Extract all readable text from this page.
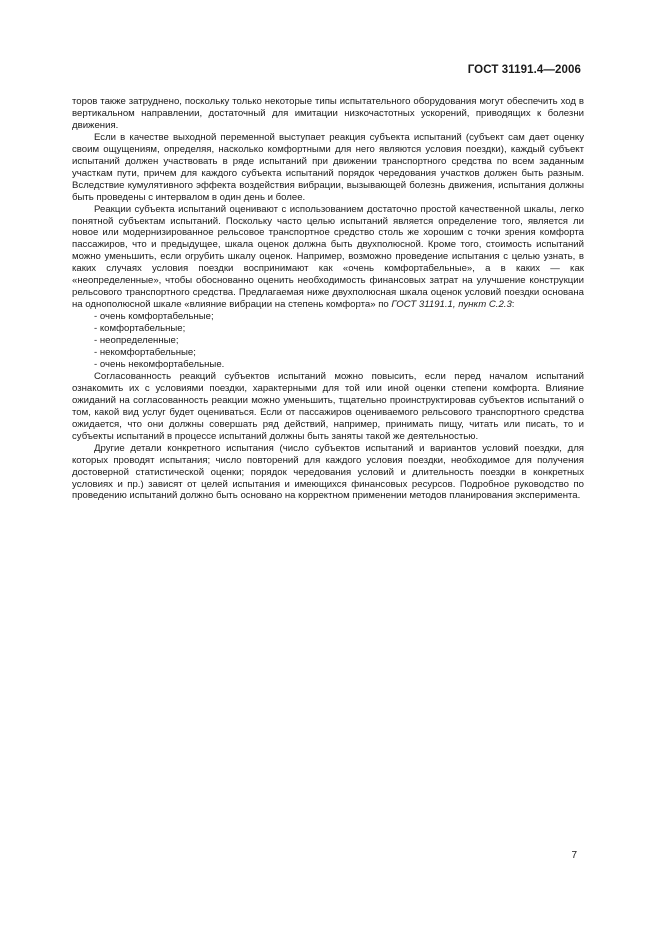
ГОСТ 31191.4—2006

торов также затруднено, поскольку только некоторые типы испытательного оборудования могут обеспечить ход в вертикальном направлении, достаточный для имитации низкочастотных ускорений, приводящих к болезни движения.

Если в качестве выходной переменной выступает реакция субъекта испытаний (субъект сам дает оценку своим ощущениям, определяя, насколько комфортными для него являются условия поездки), каждый субъект испытаний должен участвовать в ряде испытаний при движении транспортного средства по всем заданным участкам пути, причем для каждого субъекта испытаний порядок чередования участков должен быть разным. Вследствие кумулятивного эффекта воздействия вибрации, вызывающей болезнь движения, испытания должны быть проведены с интервалом в один день и более.

Реакции субъекта испытаний оценивают с использованием достаточно простой качественной шкалы, легко понятной субъектам испытаний. Поскольку часто целью испытаний является определение того, является ли новое или модернизированное рельсовое транспортное средство столь же хорошим с точки зрения комфорта пассажиров, что и предыдущее, шкала оценок должна быть двухполюсной. Кроме того, стоимость испытаний можно уменьшить, если огрубить шкалу оценок. Например, возможно проведение испытания с целью узнать, в каких случаях условия поездки воспринимают как «очень комфортабельные», а в каких — как «неопределенные», чтобы обоснованно оценить необходимость финансовых затрат на улучшение конструкции рельсового транспортного средства. Предлагаемая ниже двухполюсная шкала оценок условий поездки основана на однополюсной шкале «влияние вибрации на степень комфорта» по ГОСТ 31191.1, пункт С.2.3:

- очень комфортабельные;
- комфортабельные;
- неопределенные;
- некомфортабельные;
- очень некомфортабельные.

Согласованность реакций субъектов испытаний можно повысить, если перед началом испытаний ознакомить их с условиями поездки, характерными для той или иной оценки степени комфорта. Влияние ожиданий на согласованность реакции можно уменьшить, тщательно проинструктировав субъектов испытаний о том, какой вид услуг будет оцениваться. Если от пассажиров оцениваемого рельсового транспортного средства ожидается, что они должны совершать ряд действий, например, принимать пищу, читать или писать, то и субъекты испытаний в процессе испытаний должны быть заняты такой же деятельностью.

Другие детали конкретного испытания (число субъектов испытаний и вариантов условий поездки, для которых проводят испытания; число повторений для каждого условия поездки, необходимое для получения достоверной статистической оценки; порядок чередования условий и длительность поездки в конкретных условиях и пр.) зависят от целей испытания и имеющихся финансовых ресурсов. Подробное руководство по проведению испытаний должно быть основано на корректном применении методов планирования эксперимента.

7
